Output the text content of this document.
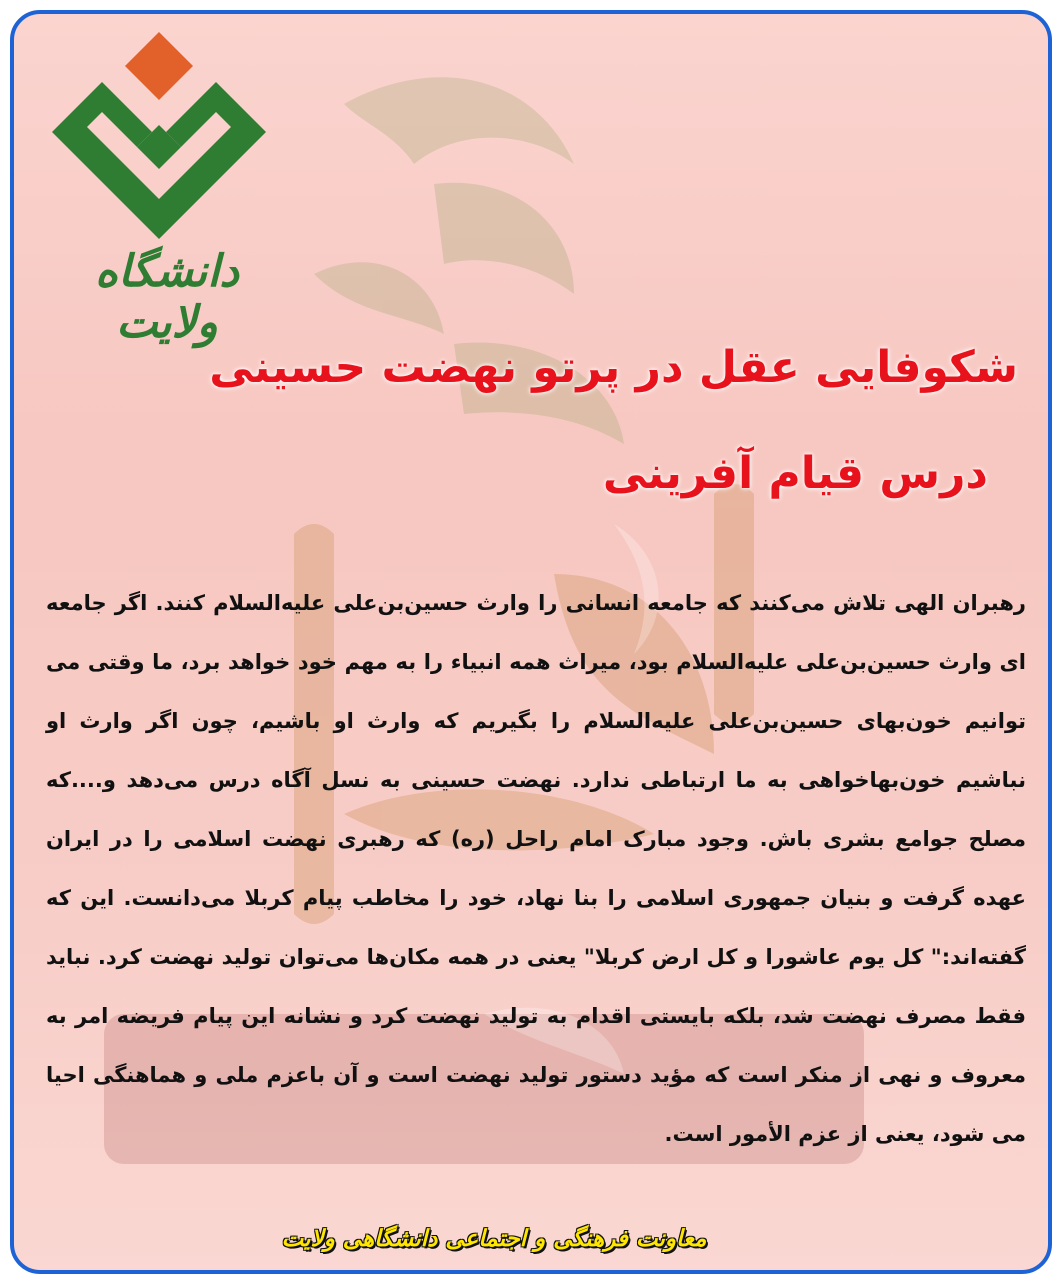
دانشگاه ولایت
شکوفایی عقل در پرتو نهضت حسینی
درس قیام آفرینی
رهبران الهی تلاش می‌کنند که جامعه انسانی را وارث حسین‌بن‌علی علیه‌السلام کنند. اگر جامعه ای وارث حسین‌بن‌علی علیه‌السلام بود، میراث همه انبیاء را به مهم خود خواهد برد، ما وقتی می توانیم خون‌بهای حسین‌بن‌علی علیه‌السلام را بگیریم که وارث او باشیم، چون اگر وارث او نباشیم خون‌بهاخواهی به ما ارتباطی ندارد. نهضت حسینی به نسل آگاه درس می‌دهد و....که مصلح جوامع بشری باش. وجود مبارک امام راحل (ره) که رهبری نهضت اسلامی را در ایران عهده گرفت و بنیان جمهوری اسلامی را بنا نهاد، خود را مخاطب پیام کربلا می‌دانست. این که گفته‌اند:" کل یوم عاشورا و کل ارض کربلا" یعنی در همه مکان‌ها می‌توان تولید نهضت کرد. نباید فقط مصرف نهضت شد، بلکه بایستی اقدام به تولید نهضت کرد و نشانه این پیام فریضه امر به معروف و نهی از منکر است که مؤید دستور تولید نهضت است و آن باعزم ملی و هماهنگی احیا می شود، یعنی از عزم الأمور است.
معاونت فرهنگی و اجتماعی دانشگاهی ولایت
